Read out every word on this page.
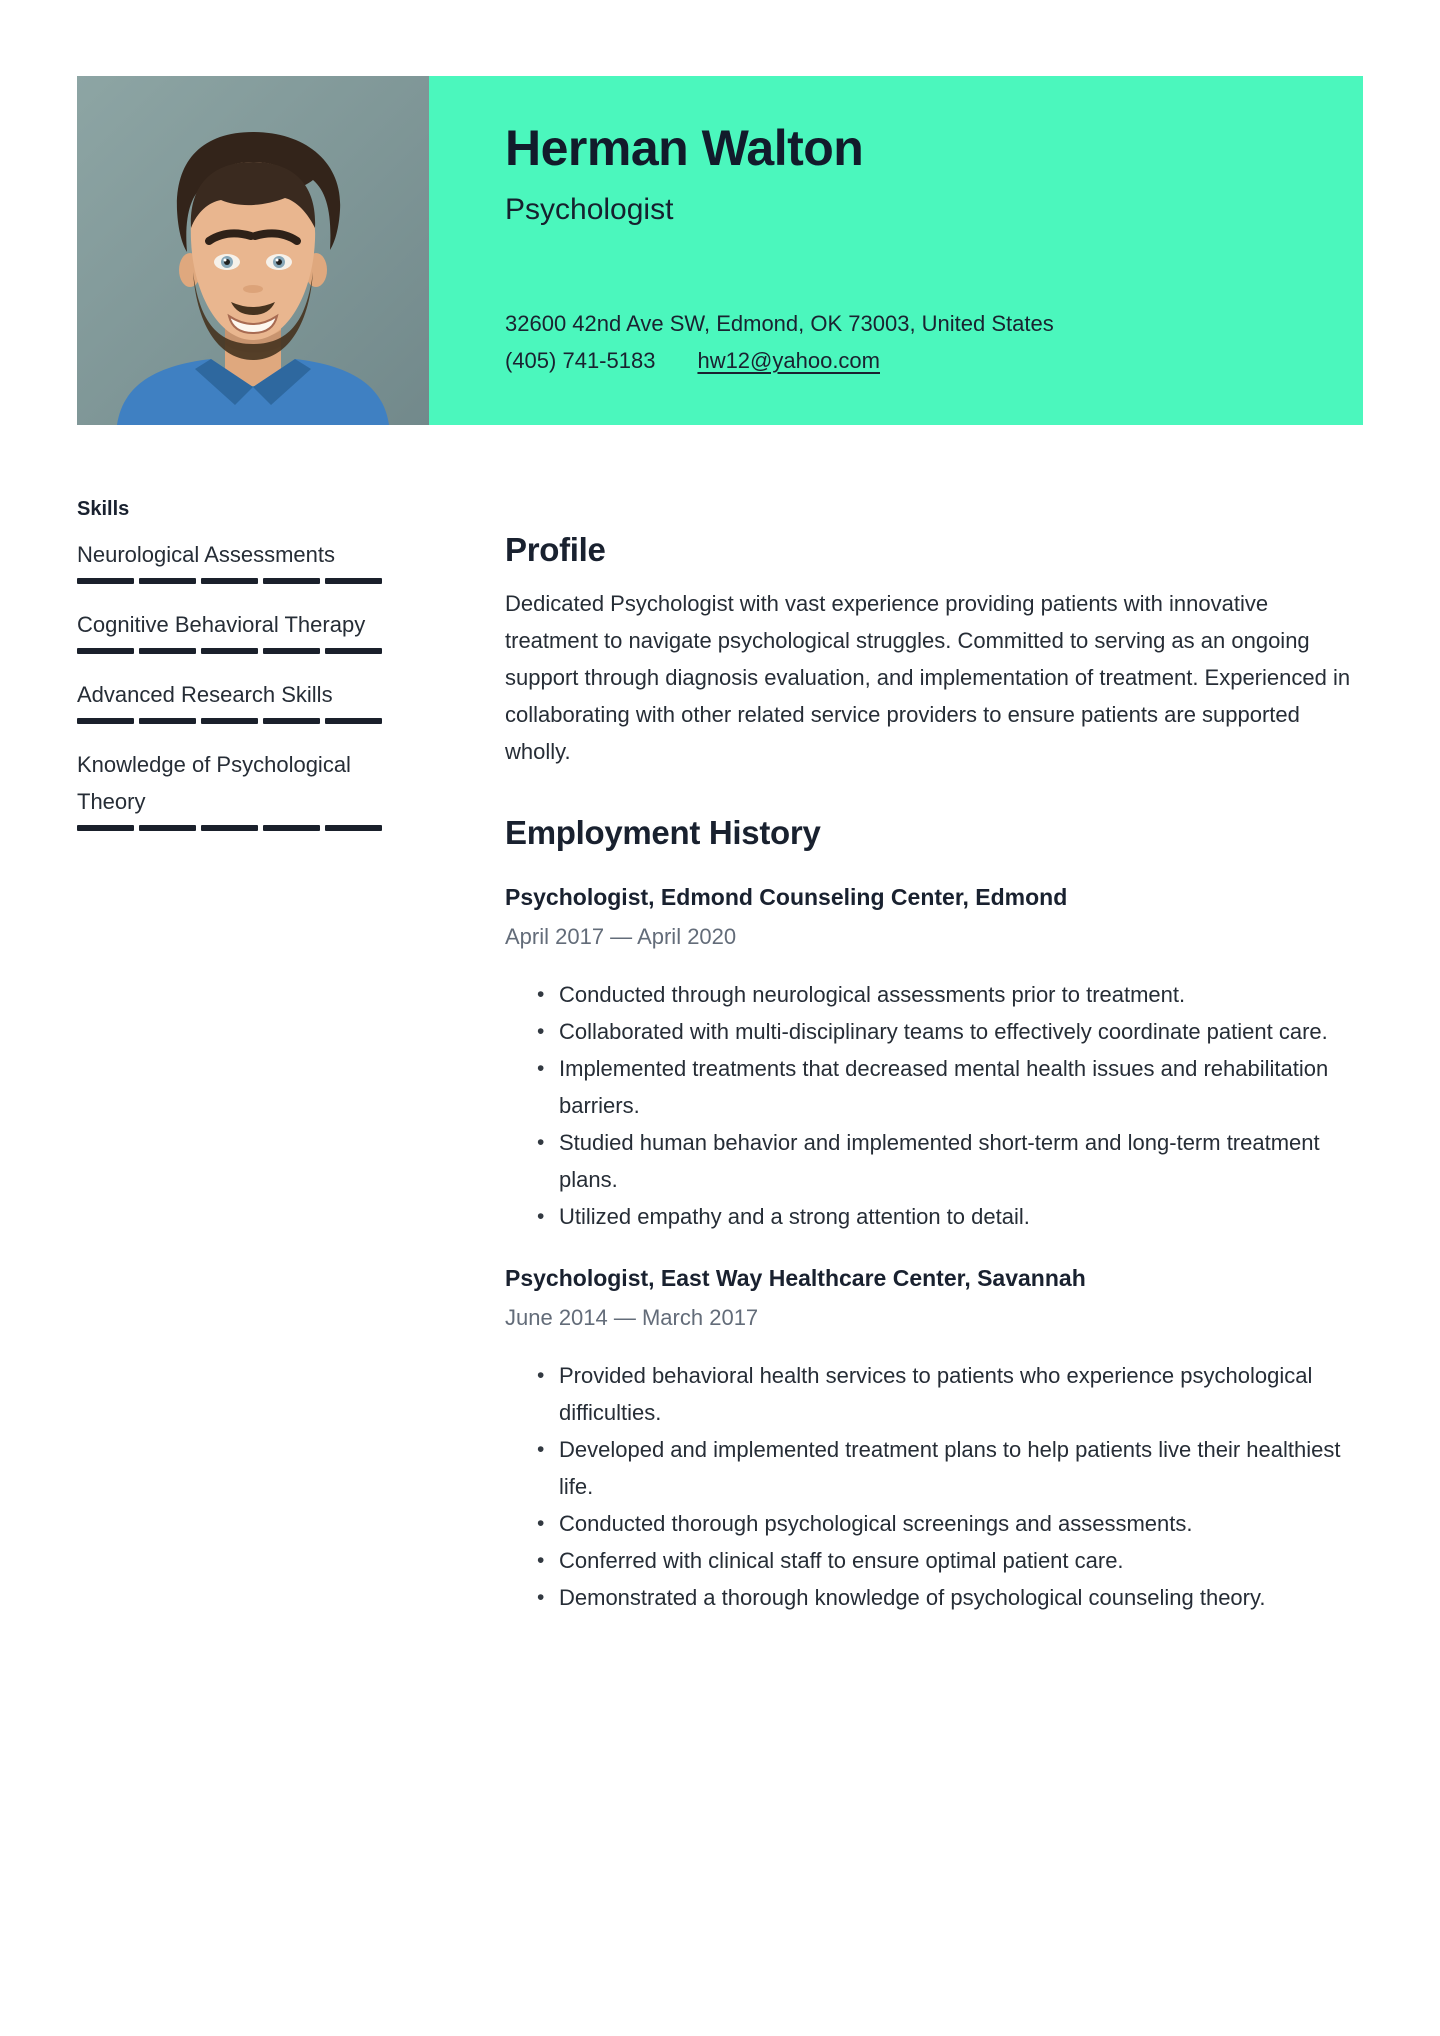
Herman Walton
Psychologist
32600 42nd Ave SW, Edmond, OK 73003, United States
(405) 741-5183 hw12@yahoo.com
Skills
Neurological Assessments
Cognitive Behavioral Therapy
Advanced Research Skills
Knowledge of Psychological Theory
Profile

Dedicated Psychologist with vast experience providing patients with innovative treatment to navigate psychological struggles. Committed to serving as an ongoing support through diagnosis evaluation, and implementation of treatment. Experienced in collaborating with other related service providers to ensure patients are supported wholly.

Employment History
Psychologist, Edmond Counseling Center, Edmond
April 2017 — April 2020
• Conducted through neurological assessments prior to treatment.
• Collaborated with multi-disciplinary teams to effectively coordinate patient care.
• Implemented treatments that decreased mental health issues and rehabilitation barriers.
• Studied human behavior and implemented short-term and long-term treatment plans.
• Utilized empathy and a strong attention to detail.
Psychologist, East Way Healthcare Center, Savannah
June 2014 — March 2017
• Provided behavioral health services to patients who experience psychological difficulties.
• Developed and implemented treatment plans to help patients live their healthiest life.
• Conducted thorough psychological screenings and assessments.
• Conferred with clinical staff to ensure optimal patient care.
• Demonstrated a thorough knowledge of psychological counseling theory.
